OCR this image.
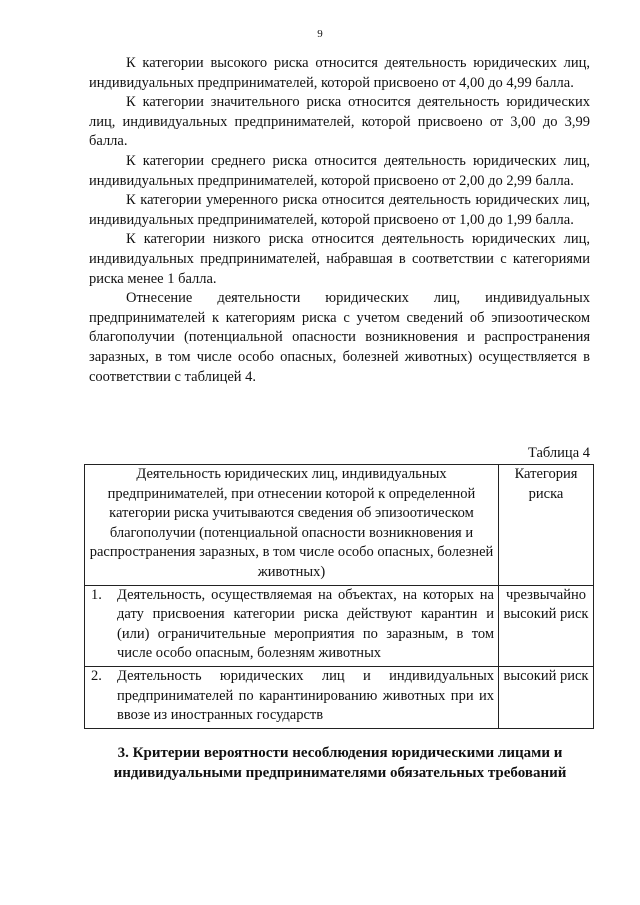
9

К категории высокого риска относится деятельность юридических лиц, индивидуальных предпринимателей, которой присвоено от 4,00 до 4,99 балла.

К категории значительного риска относится деятельность юридических лиц, индивидуальных предпринимателей, которой присвоено от 3,00 до 3,99 балла.

К категории среднего риска относится деятельность юридических лиц, индивидуальных предпринимателей, которой присвоено от 2,00 до 2,99 балла.

К категории умеренного риска относится деятельность юридических лиц, индивидуальных предпринимателей, которой присвоено от 1,00 до 1,99 балла.

К категории низкого риска относится деятельность юридических лиц, индивидуальных предпринимателей, набравшая в соответствии с категориями риска менее 1 балла.

Отнесение деятельности юридических лиц, индивидуальных предпринимателей к категориям риска с учетом сведений об эпизоотическом благополучии (потенциальной опасности возникновения и распространения заразных, в том числе особо опасных, болезней животных) осуществляется в соответствии с таблицей 4.

Таблица 4
Деятельность юридических лиц, индивидуальных предпринимателей, при отнесении которой к определенной категории риска учитываются сведения об эпизоотическом благополучии (потенциальной опасности возникновения и распространения заразных, в том числе особо опасных, болезней животных)	Категория риска

1. Деятельность, осуществляемая на объектах, на которых на дату присвоения категории риска действуют карантин и (или) ограничительные мероприятия по заразным, в том числе особо опасным, болезням животных	чрезвычайно высокий риск

2. Деятельность юридических лиц и индивидуальных предпринимателей по карантинированию животных при их ввозе из иностранных государств	высокий риск
3. Критерии вероятности несоблюдения юридическими лицами и индивидуальными предпринимателями обязательных требований
